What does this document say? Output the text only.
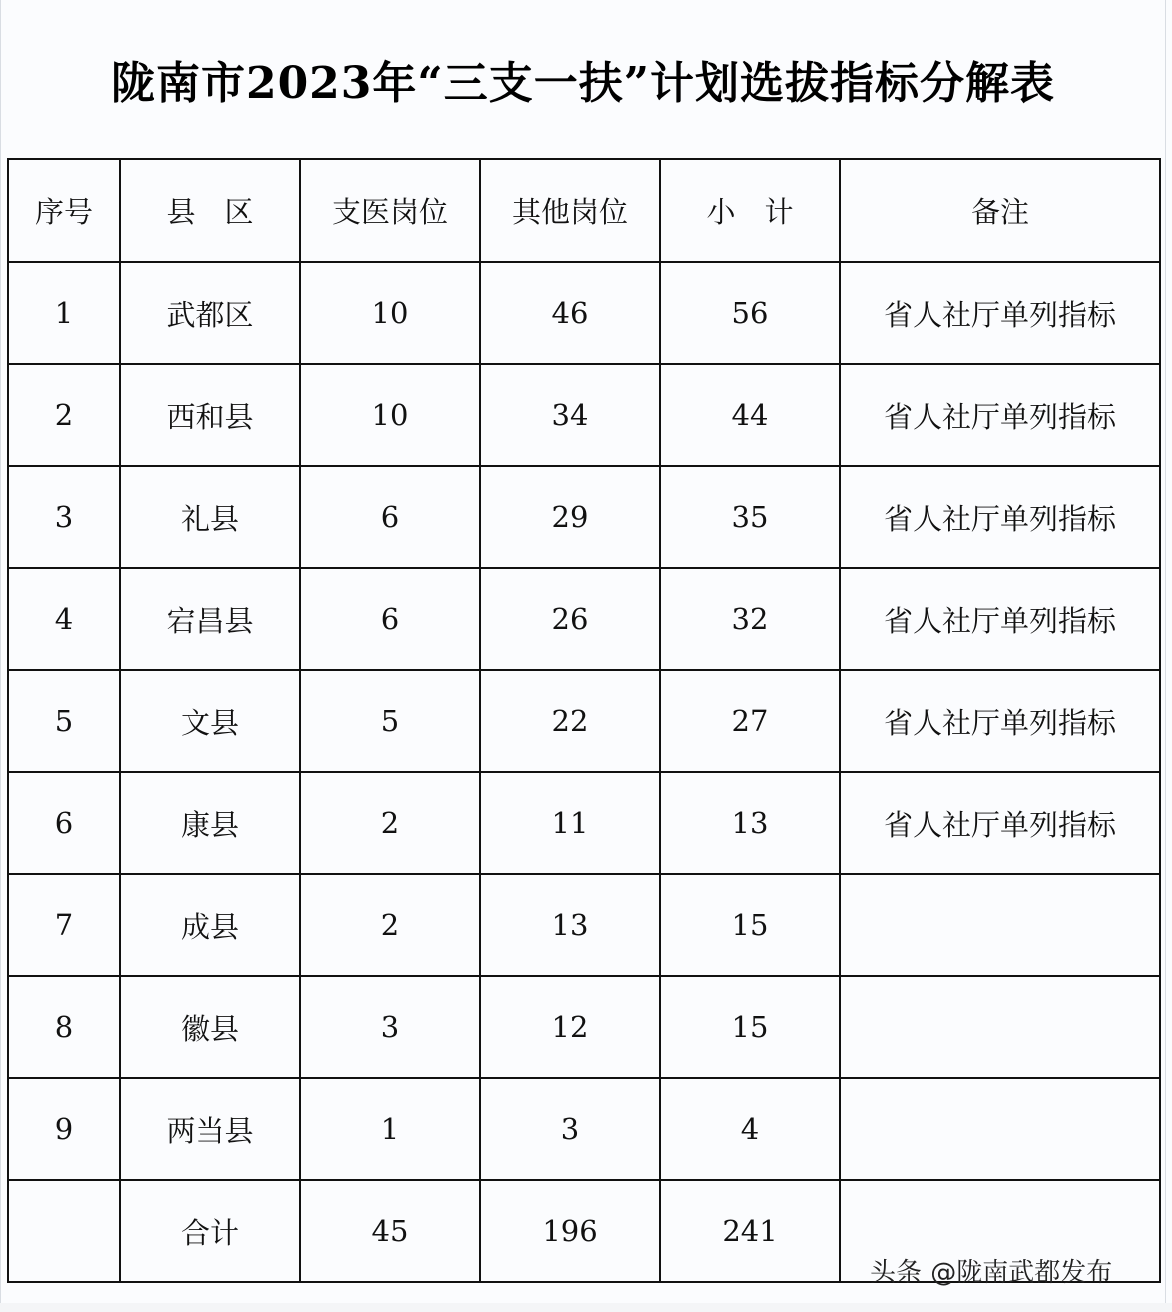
陇南市2023年“三支一扶”计划选拔指标分解表
序号	县　区	支医岗位	其他岗位	小　计	备注
1	武都区	10	46	56	省人社厅单列指标
2	西和县	10	34	44	省人社厅单列指标
3	礼县	6	29	35	省人社厅单列指标
4	宕昌县	6	26	32	省人社厅单列指标
5	文县	5	22	27	省人社厅单列指标
6	康县	2	11	13	省人社厅单列指标
7	成县	2	13	15	
8	徽县	3	12	15	
9	两当县	1	3	4	
	合计	45	196	241	
头条 @陇南武都发布
